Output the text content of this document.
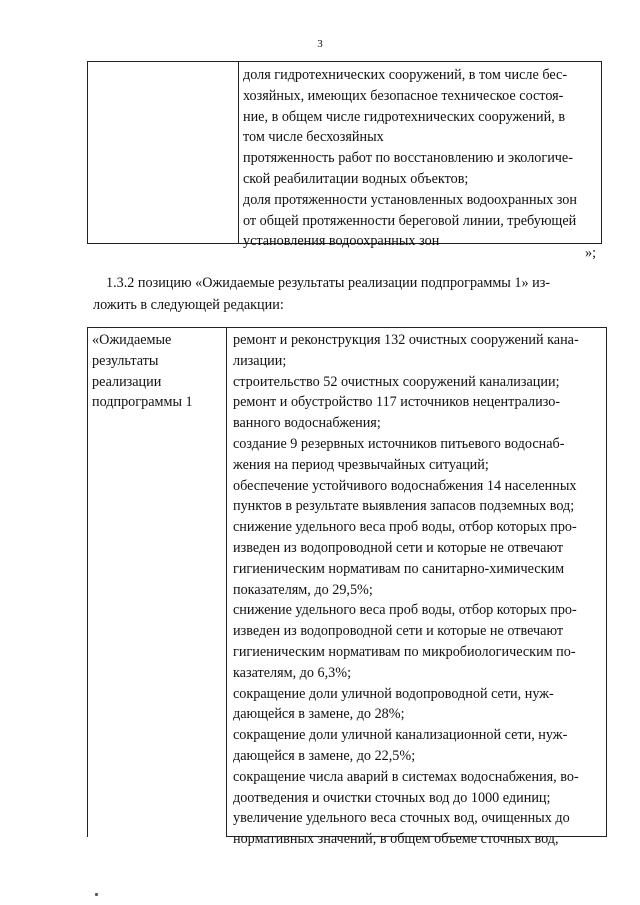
3
доля гидротехнических сооружений, в том числе бес-
хозяйных, имеющих безопасное техническое состоя-
ние, в общем числе гидротехнических сооружений, в
том числе бесхозяйных
протяженность работ по восстановлению и экологиче-
ской реабилитации водных объектов;
доля протяженности установленных водоохранных зон
от общей протяженности береговой линии, требующей
установления водоохранных зон
»;
1.3.2 позицию «Ожидаемые результаты реализации подпрограммы 1» из-
ложить в следующей редакции:
«Ожидаемые
результаты
реализации
подпрограммы 1
ремонт и реконструкция 132 очистных сооружений кана-
лизации;
строительство 52 очистных сооружений канализации;
ремонт и обустройство 117 источников нецентрализо-
ванного водоснабжения;
создание 9 резервных источников питьевого водоснаб-
жения на период чрезвычайных ситуаций;
обеспечение устойчивого водоснабжения 14 населенных
пунктов в результате выявления запасов подземных вод;
снижение удельного веса проб воды, отбор которых про-
изведен из водопроводной сети и которые не отвечают
гигиеническим нормативам по санитарно-химическим
показателям, до 29,5%;
снижение удельного веса проб воды, отбор которых про-
изведен из водопроводной сети и которые не отвечают
гигиеническим нормативам по микробиологическим по-
казателям, до 6,3%;
сокращение доли уличной водопроводной сети, нуж-
дающейся в замене, до 28%;
сокращение доли уличной канализационной сети, нуж-
дающейся в замене, до 22,5%;
сокращение числа аварий в системах водоснабжения, во-
доотведения и очистки сточных вод до 1000 единиц;
увеличение удельного веса сточных вод, очищенных до
нормативных значений, в общем объеме сточных вод,
